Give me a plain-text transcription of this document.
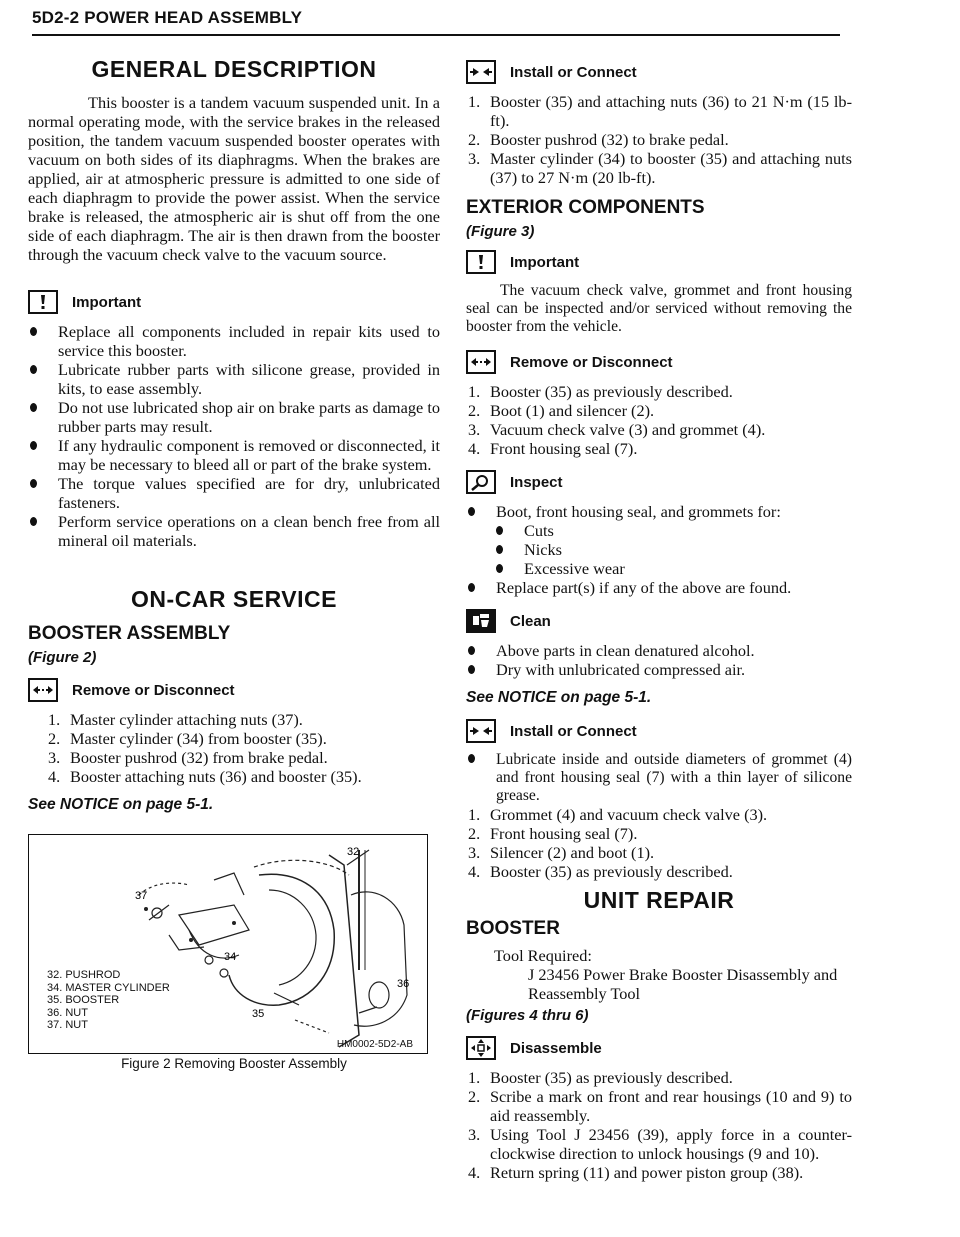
5D2-2 POWER HEAD ASSEMBLY
GENERAL DESCRIPTION

This booster is a tandem vacuum suspended unit. In a normal operating mode, with the service brakes in the released position, the tandem vacuum suspended booster operates with vacuum on both sides of its diaphragms. When the brakes are applied, air at atmospheric pressure is admitted to one side of each diaphragm to provide the power assist. When the service brake is released, the atmospheric air is shut off from the one side of each diaphragm. The air is then drawn from the booster through the vacuum check valve to the vacuum source.

Important
Replace all components included in repair kits used to service this booster.
Lubricate rubber parts with silicone grease, provided in kits, to ease assembly.
Do not use lubricated shop air on brake parts as damage to rubber parts may result.
If any hydraulic component is removed or disconnected, it may be necessary to bleed all or part of the brake system.
The torque values specified are for dry, unlubricated fasteners.
Perform service operations on a clean bench free from all mineral oil materials.
ON-CAR SERVICE
BOOSTER ASSEMBLY

(Figure 2)

Remove or Disconnect
1. Master cylinder attaching nuts (37).
2. Master cylinder (34) from booster (35).
3. Booster pushrod (32) from brake pedal.
4. Booster attaching nuts (36) and booster (35).

See NOTICE on page 5-1.

32
37
34
36
35
32. PUSHROD
34. MASTER CYLINDER
35. BOOSTER
36. NUT
37. NUT
HM0002-5D2-AB

Figure 2 Removing Booster Assembly

Install or Connect
1. Booster (35) and attaching nuts (36) to 21 N·m (15 lb-ft).
2. Booster pushrod (32) to brake pedal.
3. Master cylinder (34) to booster (35) and attaching nuts (37) to 27 N·m (20 lb-ft).
EXTERIOR COMPONENTS

(Figure 3)

Important

The vacuum check valve, grommet and front housing seal can be inspected and/or serviced without removing the booster from the vehicle.

Remove or Disconnect
1. Booster (35) as previously described.
2. Boot (1) and silencer (2).
3. Vacuum check valve (3) and grommet (4).
4. Front housing seal (7).
Inspect
Boot, front housing seal, and grommets for:
Cuts
Nicks
Excessive wear
Replace part(s) if any of the above are found.
Clean
Above parts in clean denatured alcohol.
Dry with unlubricated compressed air.

See NOTICE on page 5-1.

Install or Connect
Lubricate inside and outside diameters of grommet (4) and front housing seal (7) with a thin layer of silicone grease.
1. Grommet (4) and vacuum check valve (3).
2. Front housing seal (7).
3. Silencer (2) and boot (1).
4. Booster (35) as previously described.
UNIT REPAIR
BOOSTER

Tool Required:

J 23456 Power Brake Booster Disassembly and Reassembly Tool

(Figures 4 thru 6)

Disassemble
1. Booster (35) as previously described.
2. Scribe a mark on front and rear housings (10 and 9) to aid reassembly.
3. Using Tool J 23456 (39), apply force in a counter-clockwise direction to unlock housings (9 and 10).
4. Return spring (11) and power piston group (38).
